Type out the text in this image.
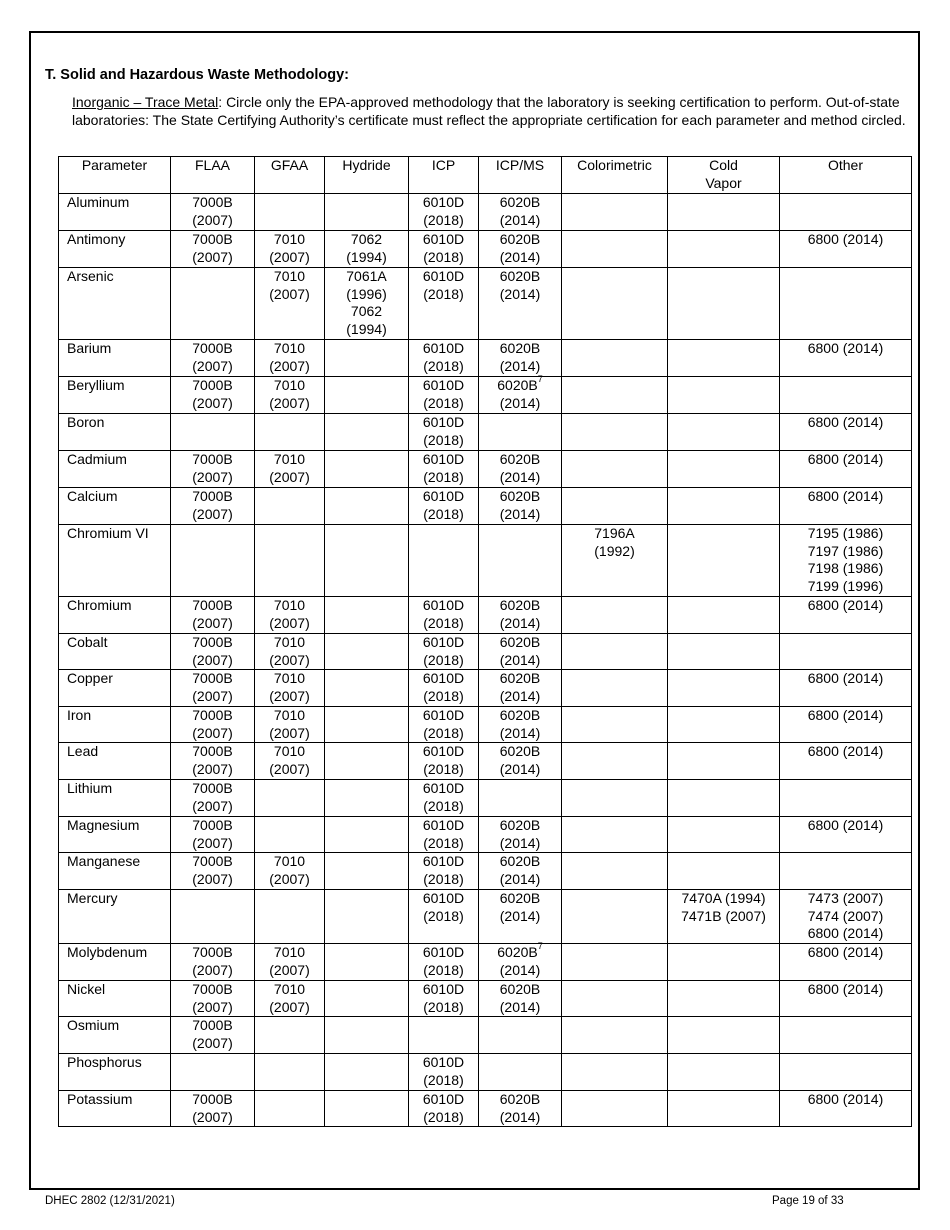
T. Solid and Hazardous Waste Methodology:
Inorganic – Trace Metal: Circle only the EPA-approved methodology that the laboratory is seeking certification to perform. Out-of-state laboratories: The State Certifying Authority’s certificate must reflect the appropriate certification for each parameter and method circled.
Parameter	FLAA	GFAA	Hydride	ICP	ICP/MS	Colorimetric	Cold
Vapor	Other
Aluminum	7000B
(2007)			6010D
(2018)	6020B
(2014)			

Antimony	7000B
(2007)	7010
(2007)	7062
(1994)	6010D
(2018)	6020B
(2014)			6800 (2014)

Arsenic		7010
(2007)	7061A
(1996)
7062
(1994)	6010D
(2018)	6020B
(2014)			

Barium	7000B
(2007)	7010
(2007)		6010D
(2018)	6020B
(2014)			6800 (2014)

Beryllium	7000B
(2007)	7010
(2007)		6010D
(2018)	$6020B^7$
(2014)			

Boron				6010D
(2018)				6800 (2014)

Cadmium	7000B
(2007)	7010
(2007)		6010D
(2018)	6020B
(2014)			6800 (2014)

Calcium	7000B
(2007)			6010D
(2018)	6020B
(2014)			6800 (2014)

Chromium VI						7196A
(1992)		7195 (1986)
7197 (1986)
7198 (1986)
7199 (1996)

Chromium	7000B
(2007)	7010
(2007)		6010D
(2018)	6020B
(2014)			6800 (2014)

Cobalt	7000B
(2007)	7010
(2007)		6010D
(2018)	6020B
(2014)			

Copper	7000B
(2007)	7010
(2007)		6010D
(2018)	6020B
(2014)			6800 (2014)

Iron	7000B
(2007)	7010
(2007)		6010D
(2018)	6020B
(2014)			6800 (2014)

Lead	7000B
(2007)	7010
(2007)		6010D
(2018)	6020B
(2014)			6800 (2014)

Lithium	7000B
(2007)			6010D
(2018)				

Magnesium	7000B
(2007)			6010D
(2018)	6020B
(2014)			6800 (2014)

Manganese	7000B
(2007)	7010
(2007)		6010D
(2018)	6020B
(2014)			

Mercury				6010D
(2018)	6020B
(2014)		7470A (1994)
7471B (2007)	7473 (2007)
7474 (2007)
6800 (2014)

Molybdenum	7000B
(2007)	7010
(2007)		6010D
(2018)	$6020B^7$
(2014)			6800 (2014)

Nickel	7000B
(2007)	7010
(2007)		6010D
(2018)	6020B
(2014)			6800 (2014)

Osmium	7000B
(2007)							

Phosphorus				6010D
(2018)				

Potassium	7000B
(2007)			6010D
(2018)	6020B
(2014)			6800 (2014)
DHEC 2802 (12/31/2021)	Page 19 of 33
